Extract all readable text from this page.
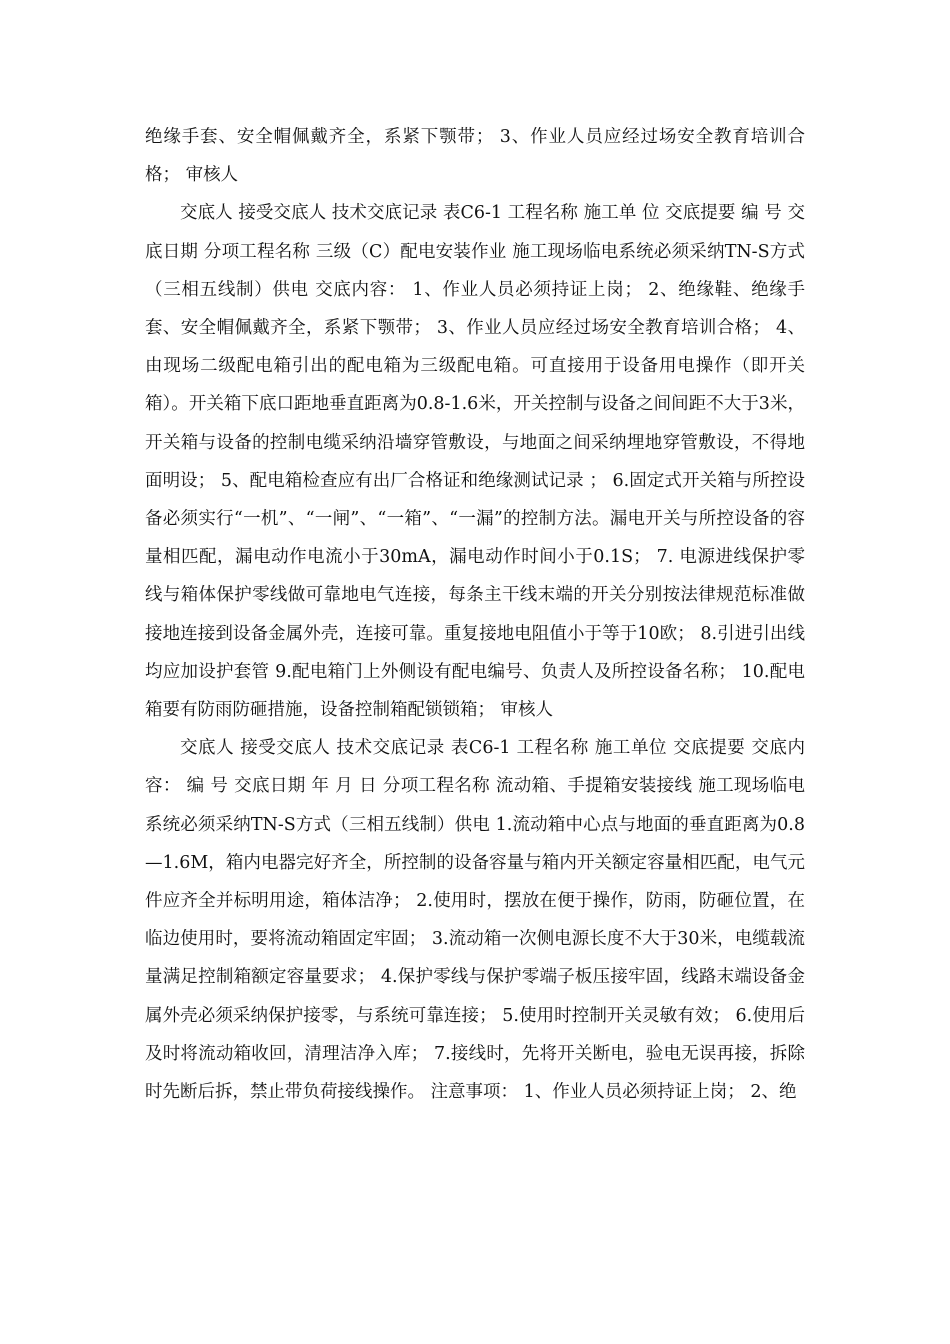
绝缘手套、安全帽佩戴齐全，系紧下颚带； 3、作业人员应经过场安全教育培训合格； 审核人

交底人 接受交底人 技术交底记录 表C6-1 工程名称 施工单 位 交底提要 编 号 交底日期 分项工程名称 三级（C）配电安装作业 施工现场临电系统必须采纳TN-S方式（三相五线制）供电 交底内容： 1、作业人员必须持证上岗； 2、绝缘鞋、绝缘手套、安全帽佩戴齐全，系紧下颚带； 3、作业人员应经过场安全教育培训合格； 4、由现场二级配电箱引出的配电箱为三级配电箱。可直接用于设备用电操作（即开关箱）。开关箱下底口距地垂直距离为0.8-1.6米，开关控制与设备之间间距不大于3米，开关箱与设备的控制电缆采纳沿墙穿管敷设，与地面之间采纳埋地穿管敷设，不得地面明设； 5、配电箱检查应有出厂合格证和绝缘测试记录 ； 6.固定式开关箱与所控设备必须实行“一机”、“一闸”、“一箱”、“一漏”的控制方法。漏电开关与所控设备的容量相匹配，漏电动作电流小于30mA，漏电动作时间小于0.1S； 7. 电源进线保护零线与箱体保护零线做可靠地电气连接，每条主干线末端的开关分别按法律规范标准做接地连接到设备金属外壳，连接可靠。重复接地电阻值小于等于10欧； 8.引进引出线均应加设护套管 9.配电箱门上外侧设有配电编号、负责人及所控设备名称； 10.配电箱要有防雨防砸措施，设备控制箱配锁锁箱； 审核人

交底人 接受交底人 技术交底记录 表C6-1 工程名称 施工单位 交底提要 交底内容： 编 号 交底日期 年 月 日 分项工程名称 流动箱、手提箱安装接线 施工现场临电系统必须采纳TN-S方式（三相五线制）供电 1.流动箱中心点与地面的垂直距离为0.8—1.6M，箱内电器完好齐全，所控制的设备容量与箱内开关额定容量相匹配，电气元件应齐全并标明用途，箱体洁净； 2.使用时，摆放在便于操作，防雨，防砸位置，在临边使用时，要将流动箱固定牢固； 3.流动箱一次侧电源长度不大于30米，电缆载流量满足控制箱额定容量要求； 4.保护零线与保护零端子板压接牢固，线路末端设备金属外壳必须采纳保护接零，与系统可靠连接； 5.使用时控制开关灵敏有效； 6.使用后及时将流动箱收回，清理洁净入库； 7.接线时，先将开关断电，验电无误再接，拆除时先断后拆，禁止带负荷接线操作。 注意事项： 1、作业人员必须持证上岗； 2、绝
